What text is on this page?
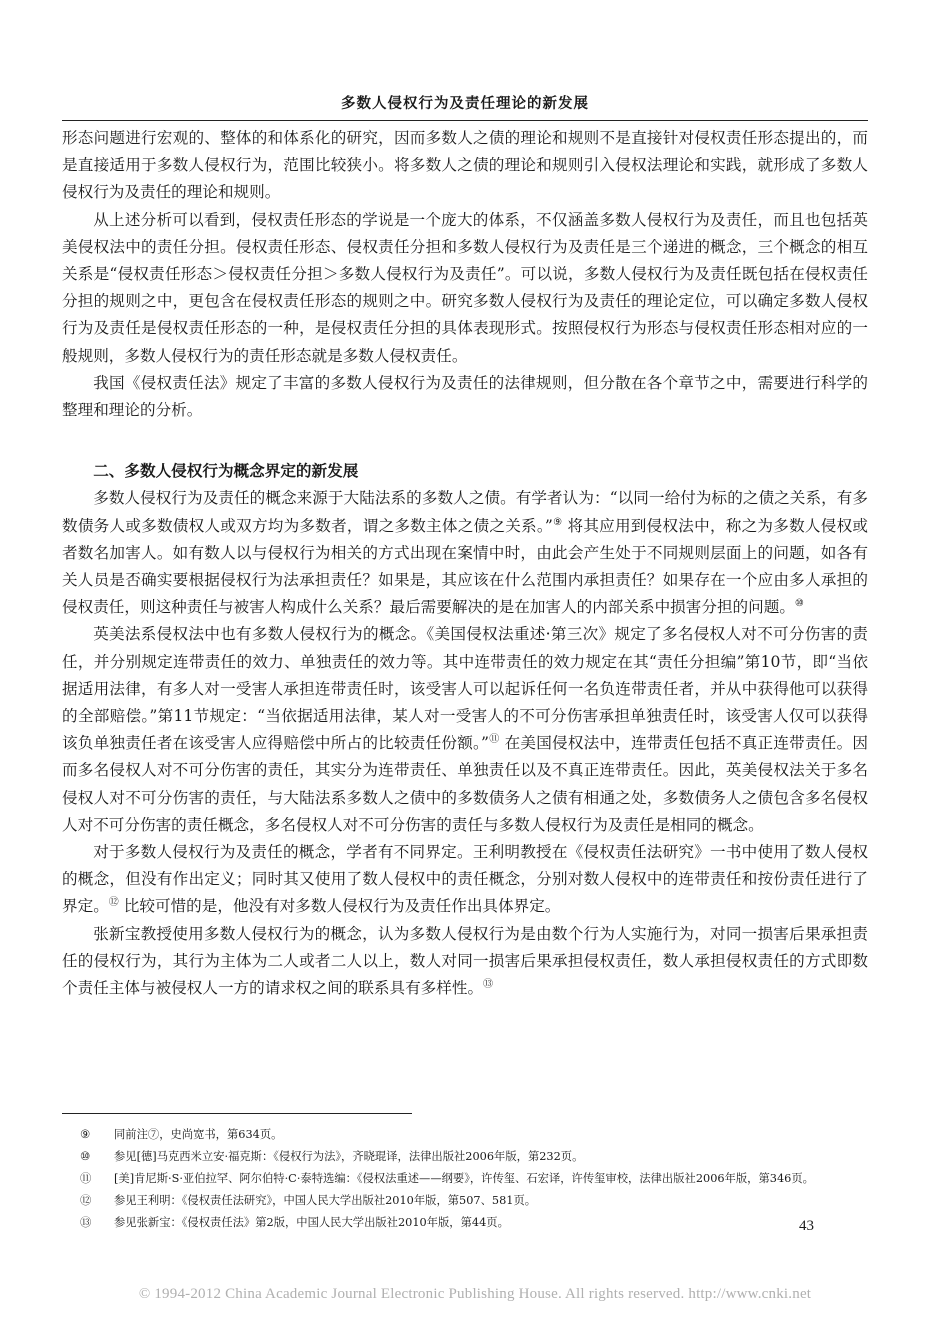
多数人侵权行为及责任理论的新发展

形态问题进行宏观的、整体的和体系化的研究，因而多数人之债的理论和规则不是直接针对侵权责任形态提出的，而是直接适用于多数人侵权行为，范围比较狭小。将多数人之债的理论和规则引入侵权法理论和实践，就形成了多数人侵权行为及责任的理论和规则。

从上述分析可以看到，侵权责任形态的学说是一个庞大的体系，不仅涵盖多数人侵权行为及责任，而且也包括英美侵权法中的责任分担。侵权责任形态、侵权责任分担和多数人侵权行为及责任是三个递进的概念，三个概念的相互关系是“侵权责任形态＞侵权责任分担＞多数人侵权行为及责任”。可以说，多数人侵权行为及责任既包括在侵权责任分担的规则之中，更包含在侵权责任形态的规则之中。研究多数人侵权行为及责任的理论定位，可以确定多数人侵权行为及责任是侵权责任形态的一种，是侵权责任分担的具体表现形式。按照侵权行为形态与侵权责任形态相对应的一般规则，多数人侵权行为的责任形态就是多数人侵权责任。

我国《侵权责任法》规定了丰富的多数人侵权行为及责任的法律规则，但分散在各个章节之中，需要进行科学的整理和理论的分析。

二、多数人侵权行为概念界定的新发展

多数人侵权行为及责任的概念来源于大陆法系的多数人之债。有学者认为：“以同一给付为标的之债之关系，有多数债务人或多数债权人或双方均为多数者，谓之多数主体之债之关系。”⑨ 将其应用到侵权法中，称之为多数人侵权或者数名加害人。如有数人以与侵权行为相关的方式出现在案情中时，由此会产生处于不同规则层面上的问题，如各有关人员是否确实要根据侵权行为法承担责任？如果是，其应该在什么范围内承担责任？如果存在一个应由多人承担的侵权责任，则这种责任与被害人构成什么关系？最后需要解决的是在加害人的内部关系中损害分担的问题。⑩

英美法系侵权法中也有多数人侵权行为的概念。《美国侵权法重述·第三次》规定了多名侵权人对不可分伤害的责任，并分别规定连带责任的效力、单独责任的效力等。其中连带责任的效力规定在其“责任分担编”第10节，即“当依据适用法律，有多人对一受害人承担连带责任时，该受害人可以起诉任何一名负连带责任者，并从中获得他可以获得的全部赔偿。”第11节规定：“当依据适用法律，某人对一受害人的不可分伤害承担单独责任时，该受害人仅可以获得该负单独责任者在该受害人应得赔偿中所占的比较责任份额。”⑪ 在美国侵权法中，连带责任包括不真正连带责任。因而多名侵权人对不可分伤害的责任，其实分为连带责任、单独责任以及不真正连带责任。因此，英美侵权法关于多名侵权人对不可分伤害的责任，与大陆法系多数人之债中的多数债务人之债有相通之处，多数债务人之债包含多名侵权人对不可分伤害的责任概念，多名侵权人对不可分伤害的责任与多数人侵权行为及责任是相同的概念。

对于多数人侵权行为及责任的概念，学者有不同界定。王利明教授在《侵权责任法研究》一书中使用了数人侵权的概念，但没有作出定义；同时其又使用了数人侵权中的责任概念，分别对数人侵权中的连带责任和按份责任进行了界定。⑫ 比较可惜的是，他没有对多数人侵权行为及责任作出具体界定。

张新宝教授使用多数人侵权行为的概念，认为多数人侵权行为是由数个行为人实施行为，对同一损害后果承担责任的侵权行为，其行为主体为二人或者二人以上，数人对同一损害后果承担侵权责任，数人承担侵权责任的方式即数个责任主体与被侵权人一方的请求权之间的联系具有多样性。⑬

⑨	同前注⑦，史尚宽书，第634页。
⑩	参见[德]马克西米立安·福克斯：《侵权行为法》，齐晓琨译，法律出版社2006年版，第232页。
⑪	[美]肯尼斯·S·亚伯拉罕、阿尔伯特·C·泰特选编：《侵权法重述——纲要》，许传玺、石宏译，许传玺审校，法律出版社2006年版，第346页。
⑫	参见王利明：《侵权责任法研究》，中国人民大学出版社2010年版，第507、581页。
⑬	参见张新宝：《侵权责任法》第2版，中国人民大学出版社2010年版，第44页。	43
© 1994-2012 China Academic Journal Electronic Publishing House. All rights reserved. http://www.cnki.net
